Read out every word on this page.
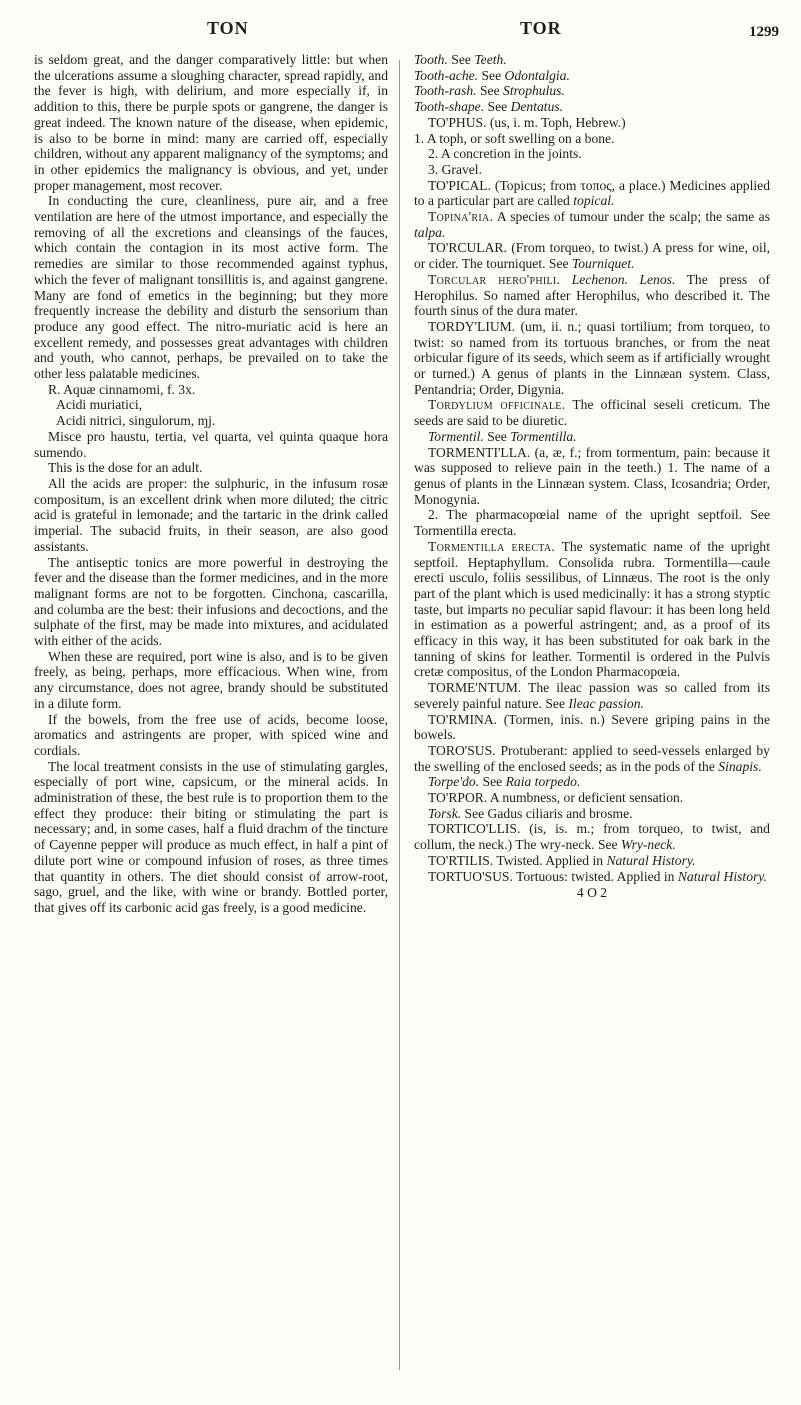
TON	TOR	1299

is seldom great, and the danger comparatively little: but when the ulcerations assume a sloughing character, spread rapidly, and the fever is high, with delirium, and more especially if, in addition to this, there be purple spots or gangrene, the danger is great indeed. The known nature of the disease, when epidemic, is also to be borne in mind: many are carried off, especially children, without any apparent malignancy of the symptoms; and in other epidemics the malignancy is obvious, and yet, under proper management, most recover.

In conducting the cure, cleanliness, pure air, and a free ventilation are here of the utmost importance, and especially the removing of all the excretions and cleansings of the fauces, which contain the contagion in its most active form. The remedies are similar to those recommended against typhus, which the fever of malignant tonsillitis is, and against gangrene. Many are fond of emetics in the beginning; but they more frequently increase the debility and disturb the sensorium than produce any good effect. The nitro-muriatic acid is here an excellent remedy, and possesses great advantages with children and youth, who cannot, perhaps, be prevailed on to take the other less palatable medicines.

R. Aquæ cinnamomi, f. 3x.

Acidi muriatici,

Acidi nitrici, singulorum, ɱj.

Misce pro haustu, tertia, vel quarta, vel quinta quaque hora sumendo.

This is the dose for an adult.

All the acids are proper: the sulphuric, in the infusum rosæ compositum, is an excellent drink when more diluted; the citric acid is grateful in lemonade; and the tartaric in the drink called imperial. The subacid fruits, in their season, are also good assistants.

The antiseptic tonics are more powerful in destroying the fever and the disease than the former medicines, and in the more malignant forms are not to be forgotten. Cinchona, cascarilla, and columba are the best: their infusions and decoctions, and the sulphate of the first, may be made into mixtures, and acidulated with either of the acids.

When these are required, port wine is also, and is to be given freely, as being, perhaps, more efficacious. When wine, from any circumstance, does not agree, brandy should be substituted in a dilute form.

If the bowels, from the free use of acids, become loose, aromatics and astringents are proper, with spiced wine and cordials.

The local treatment consists in the use of stimulating gargles, especially of port wine, capsicum, or the mineral acids. In administration of these, the best rule is to proportion them to the effect they produce: their biting or stimulating the part is necessary; and, in some cases, half a fluid drachm of the tincture of Cayenne pepper will produce as much effect, in half a pint of dilute port wine or compound infusion of roses, as three times that quantity in others. The diet should consist of arrow-root, sago, gruel, and the like, with wine or brandy. Bottled porter, that gives off its carbonic acid gas freely, is a good medicine.

Tooth. See Teeth.

Tooth-ache. See Odontalgia.

Tooth-rash. See Strophulus.

Tooth-shape. See Dentatus.

TO'PHUS. (us, i. m. Toph, Hebrew.)

1. A toph, or soft swelling on a bone.

2. A concretion in the joints.

3. Gravel.

TO'PICAL. (Topicus; from τοπος, a place.) Medicines applied to a particular part are called topical.

Topina'ria. A species of tumour under the scalp; the same as talpa.

TO'RCULAR. (From torqueo, to twist.) A press for wine, oil, or cider. The tourniquet. See Tourniquet.

Torcular hero'phili. Lechenon. Lenos. The press of Herophilus. So named after Herophilus, who described it. The fourth sinus of the dura mater.

TORDY'LIUM. (um, ii. n.; quasi tortilium; from torqueo, to twist: so named from its tortuous branches, or from the neat orbicular figure of its seeds, which seem as if artificially wrought or turned.) A genus of plants in the Linnæan system. Class, Pentandria; Order, Digynia.

Tordylium officinale. The officinal seseli creticum. The seeds are said to be diuretic.

Tormentil. See Tormentilla.

TORMENTI'LLA. (a, æ, f.; from tormentum, pain: because it was supposed to relieve pain in the teeth.) 1. The name of a genus of plants in the Linnæan system. Class, Icosandria; Order, Monogynia.

2. The pharmacopœial name of the upright septfoil. See Tormentilla erecta.

Tormentilla erecta. The systematic name of the upright septfoil. Heptaphyllum. Consolida rubra. Tormentilla—caule erecti usculo, foliis sessilibus, of Linnæus. The root is the only part of the plant which is used medicinally: it has a strong styptic taste, but imparts no peculiar sapid flavour: it has been long held in estimation as a powerful astringent; and, as a proof of its efficacy in this way, it has been substituted for oak bark in the tanning of skins for leather. Tormentil is ordered in the Pulvis cretæ compositus, of the London Pharmacopœia.

TORME'NTUM. The ileac passion was so called from its severely painful nature. See Ileac passion.

TO'RMINA. (Tormen, inis. n.) Severe griping pains in the bowels.

TORO'SUS. Protuberant: applied to seed-vessels enlarged by the swelling of the enclosed seeds; as in the pods of the Sinapis.

Torpe'do. See Raia torpedo.

TO'RPOR. A numbness, or deficient sensation.

Torsk. See Gadus ciliaris and brosme.

TORTICO'LLIS. (is, is. m.; from torqueo, to twist, and collum, the neck.) The wry-neck. See Wry-neck.

TO'RTILIS. Twisted. Applied in Natural History.

TORTUO'SUS. Tortuous: twisted. Applied in Natural History.

4 O 2
